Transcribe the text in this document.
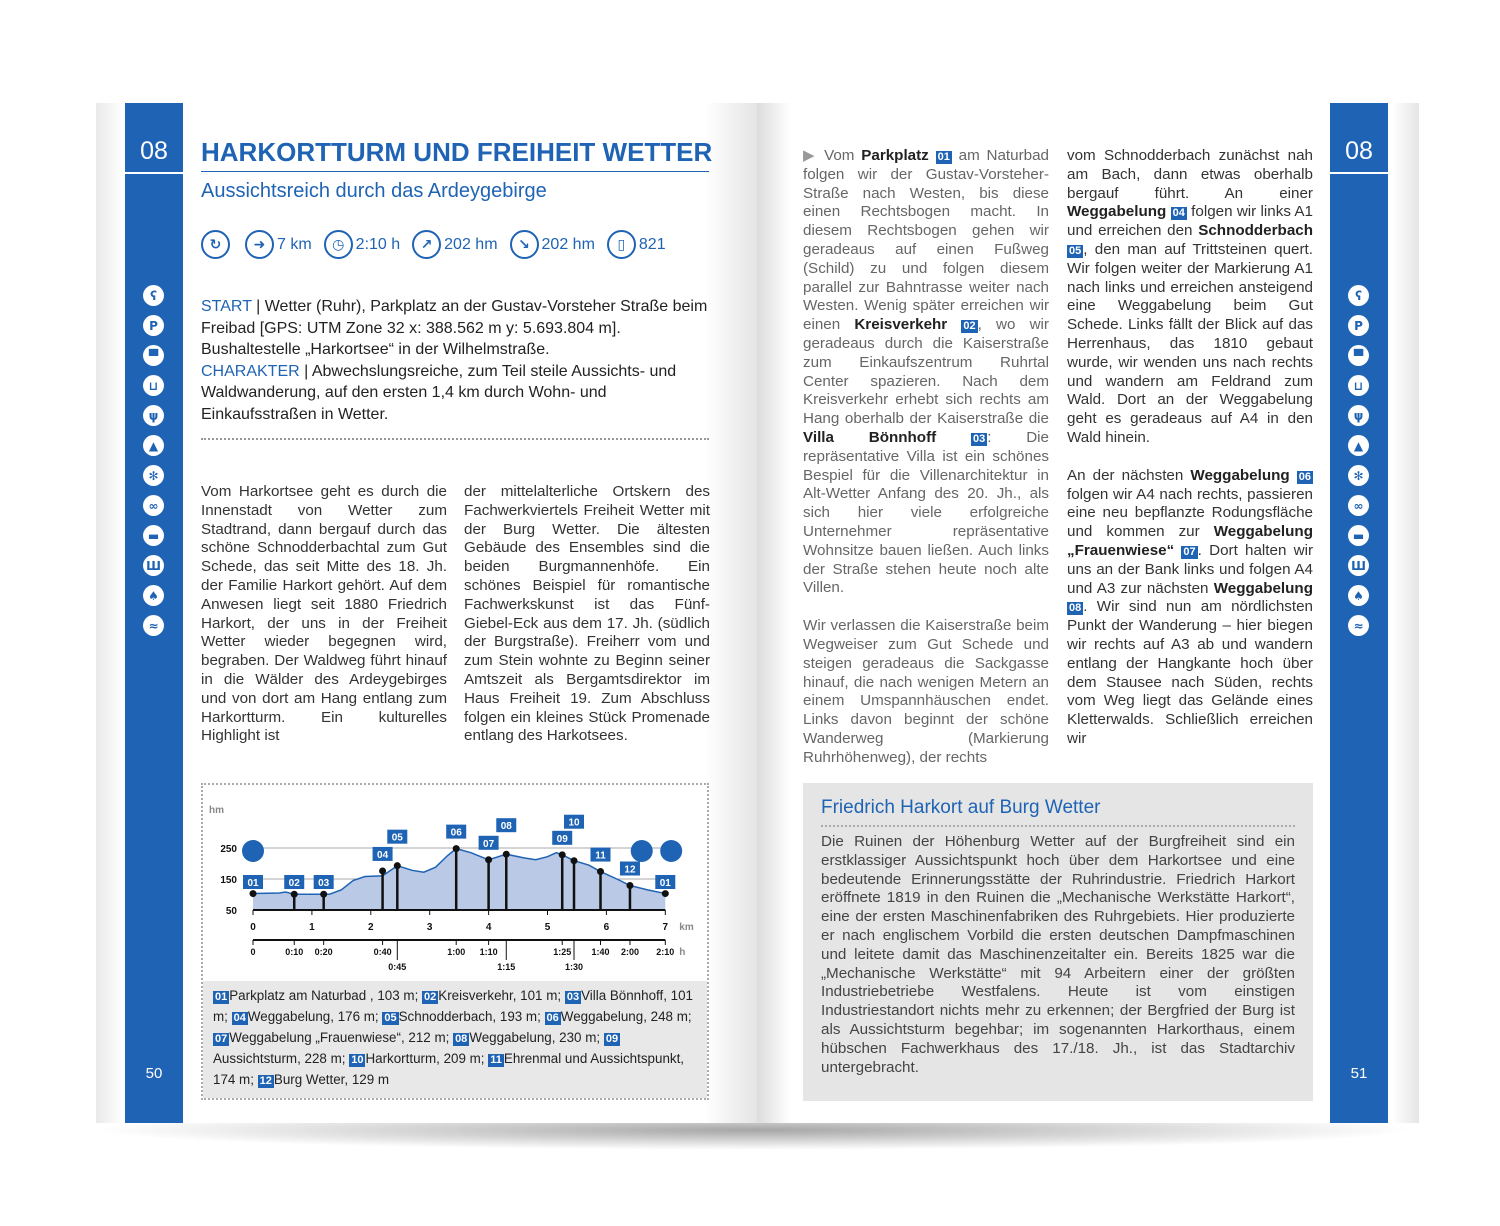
08
ʕ
P
▀
⊔
ψ
▲
✻
∞
▬
Ш
♠
≈
50
HARKORTTURM UND FREIHEIT WETTER
Aussichtsreich durch das Ardeygebirge
↻	➜ 7 km	◷ 2:10 h	↗ 202 hm	↘ 202 hm	▯ 821
START | Wetter (Ruhr), Parkplatz an der Gustav-Vorsteher Straße beim Freibad [GPS: UTM Zone 32 x: 388.562 m y: 5.693.804 m]. Bushaltestelle „Harkortsee“ in der Wilhelmstraße.
CHARAKTER | Abwechslungsreiche, zum Teil steile Aussichts- und Waldwanderung, auf den ersten 1,4 km durch Wohn- und Einkaufsstraßen in Wetter.
Vom Harkortsee geht es durch die Innenstadt von Wetter zum Stadtrand, dann bergauf durch das schöne Schnodderbachtal zum Gut Schede, das seit Mitte des 18. Jh. der Familie Harkort gehört. Auf dem Anwesen liegt seit 1880 Friedrich Harkort, der uns in der Freiheit Wetter wieder begegnen wird, begraben. Der Waldweg führt hinauf in die Wälder des Ardeygebirges und von dort am Hang entlang zum Harkortturm. Ein kulturelles Highlight ist
der mittelalterliche Ortskern des Fachwerkviertels Freiheit Wetter mit der Burg Wetter. Die ältesten Gebäude des Ensembles sind die beiden Burgmannenhöfe. Ein schönes Beispiel für romantische Fachwerkskunst ist das Fünf-Giebel-Eck aus dem 17. Jh. (südlich der Burgstraße). Freiherr vom und zum Stein wohnte zu Beginn seiner Amtszeit als Bergamtsdirektor im Haus Freiheit 19. Zum Abschluss folgen ein kleines Stück Promenade entlang des Harkotsees.
hm
50
150
250
0	1	2	3	4	5	6	7 km
0	0:10 0:20	0:40
0:45
1:00 1:10
1:15
1:25
1:30
1:40 2:00 2:10 h
01	02 03
04
05	06
07
08
09
10
11
12
01
01 Parkplatz am Naturbad , 103 m; 02 Kreisverkehr, 101 m; 03 Villa Bönnhoff, 101 m; 04 Weggabelung, 176 m; 05 Schnodderbach, 193 m; 06 Weggabelung, 248 m; 07 Weggabelung „Frauenwiese“, 212 m; 08 Weggabelung, 230 m; 09Aussichtsturm, 228 m; 10 Harkortturm, 209 m; 11 Ehrenmal und Aussichtspunkt, 174 m; 12 Burg Wetter, 129 m

▶ Vom Parkplatz 01 am Naturbad folgen wir der Gustav-Vorsteher-Straße nach Westen, bis diese einen Rechtsbogen macht. In diesem Rechtsbogen gehen wir geradeaus auf einen Fußweg (Schild) zu und folgen diesem parallel zur Bahntrasse weiter nach Westen. Wenig später erreichen wir einen Kreisverkehr 02 , wo wir geradeaus durch die Kaiserstraße zum Einkaufszentrum Ruhrtal Center spazieren. Nach dem Kreisverkehr erhebt sich rechts am Hang oberhalb der Kaiserstraße die Villa Bönnhoff 03 : Die repräsentative Villa ist ein schönes Bespiel für die Villenarchitektur in Alt-Wetter Anfang des 20. Jh., als sich hier viele erfolgreiche Unternehmer repräsentative Wohnsitze bauen ließen. Auch links der Straße stehen heute noch alte Villen.

Wir verlassen die Kaiserstraße beim Wegweiser zum Gut Schede und steigen geradeaus die Sackgasse hinauf, die nach wenigen Metern an einem Umspannhäuschen endet. Links davon beginnt der schöne Wanderweg (Markierung Ruhrhöhenweg), der rechts

vom Schnodderbach zunächst nah am Bach, dann etwas oberhalb bergauf führt. An einer Weggabelung 04 folgen wir links A1 und erreichen den Schnodderbach 05 , den man auf Trittsteinen quert. Wir folgen weiter der Markierung A1 nach links und erreichen ansteigend eine Weggabelung beim Gut Schede. Links fällt der Blick auf das Herrenhaus, das 1810 gebaut wurde, wir wenden uns nach rechts und wandern am Feldrand zum Wald. Dort an der Weggabelung geht es geradeaus auf A4 in den Wald hinein.

An der nächsten Weggabelung 06 folgen wir A4 nach rechts, passieren eine neu bepflanzte Rodungsfläche und kommen zur Weggabelung „Frauenwiese“ 07 . Dort halten wir uns an der Bank links und folgen A4 und A3 zur nächsten Weggabelung 08 . Wir sind nun am nördlichsten Punkt der Wanderung – hier biegen wir rechts auf A3 ab und wandern entlang der Hangkante hoch über dem Stausee nach Süden, rechts vom Weg liegt das Gelände eines Kletterwalds. Schließlich erreichen wir

Friedrich Harkort auf Burg Wetter

Die Ruinen der Höhenburg Wetter auf der Burgfreiheit sind ein erstklassiger Aussichtspunkt hoch über dem Harkortsee und eine bedeutende Erinnerungsstätte der Ruhrindustrie. Friedrich Harkort eröffnete 1819 in den Ruinen die „Mechanische Werkstätte Harkort“, eine der ersten Maschinenfabriken des Ruhrgebiets. Hier produzierte er nach englischem Vorbild die ersten deutschen Dampfmaschinen und leitete damit das Maschinenzeitalter ein. Bereits 1825 war die „Mechanische Werkstätte“ mit 94 Arbeitern einer der größten Industriebetriebe Westfalens. Heute ist vom einstigen Industriestandort nichts mehr zu erkennen; der Bergfried der Burg ist als Aussichtsturm begehbar; im sogenannten Harkorthaus, einem hübschen Fachwerkhaus des 17./18. Jh., ist das Stadtarchiv untergebracht.

08
ʕ
P
▀
⊔
ψ
▲
✻
∞
▬
Ш
♠
≈
51
